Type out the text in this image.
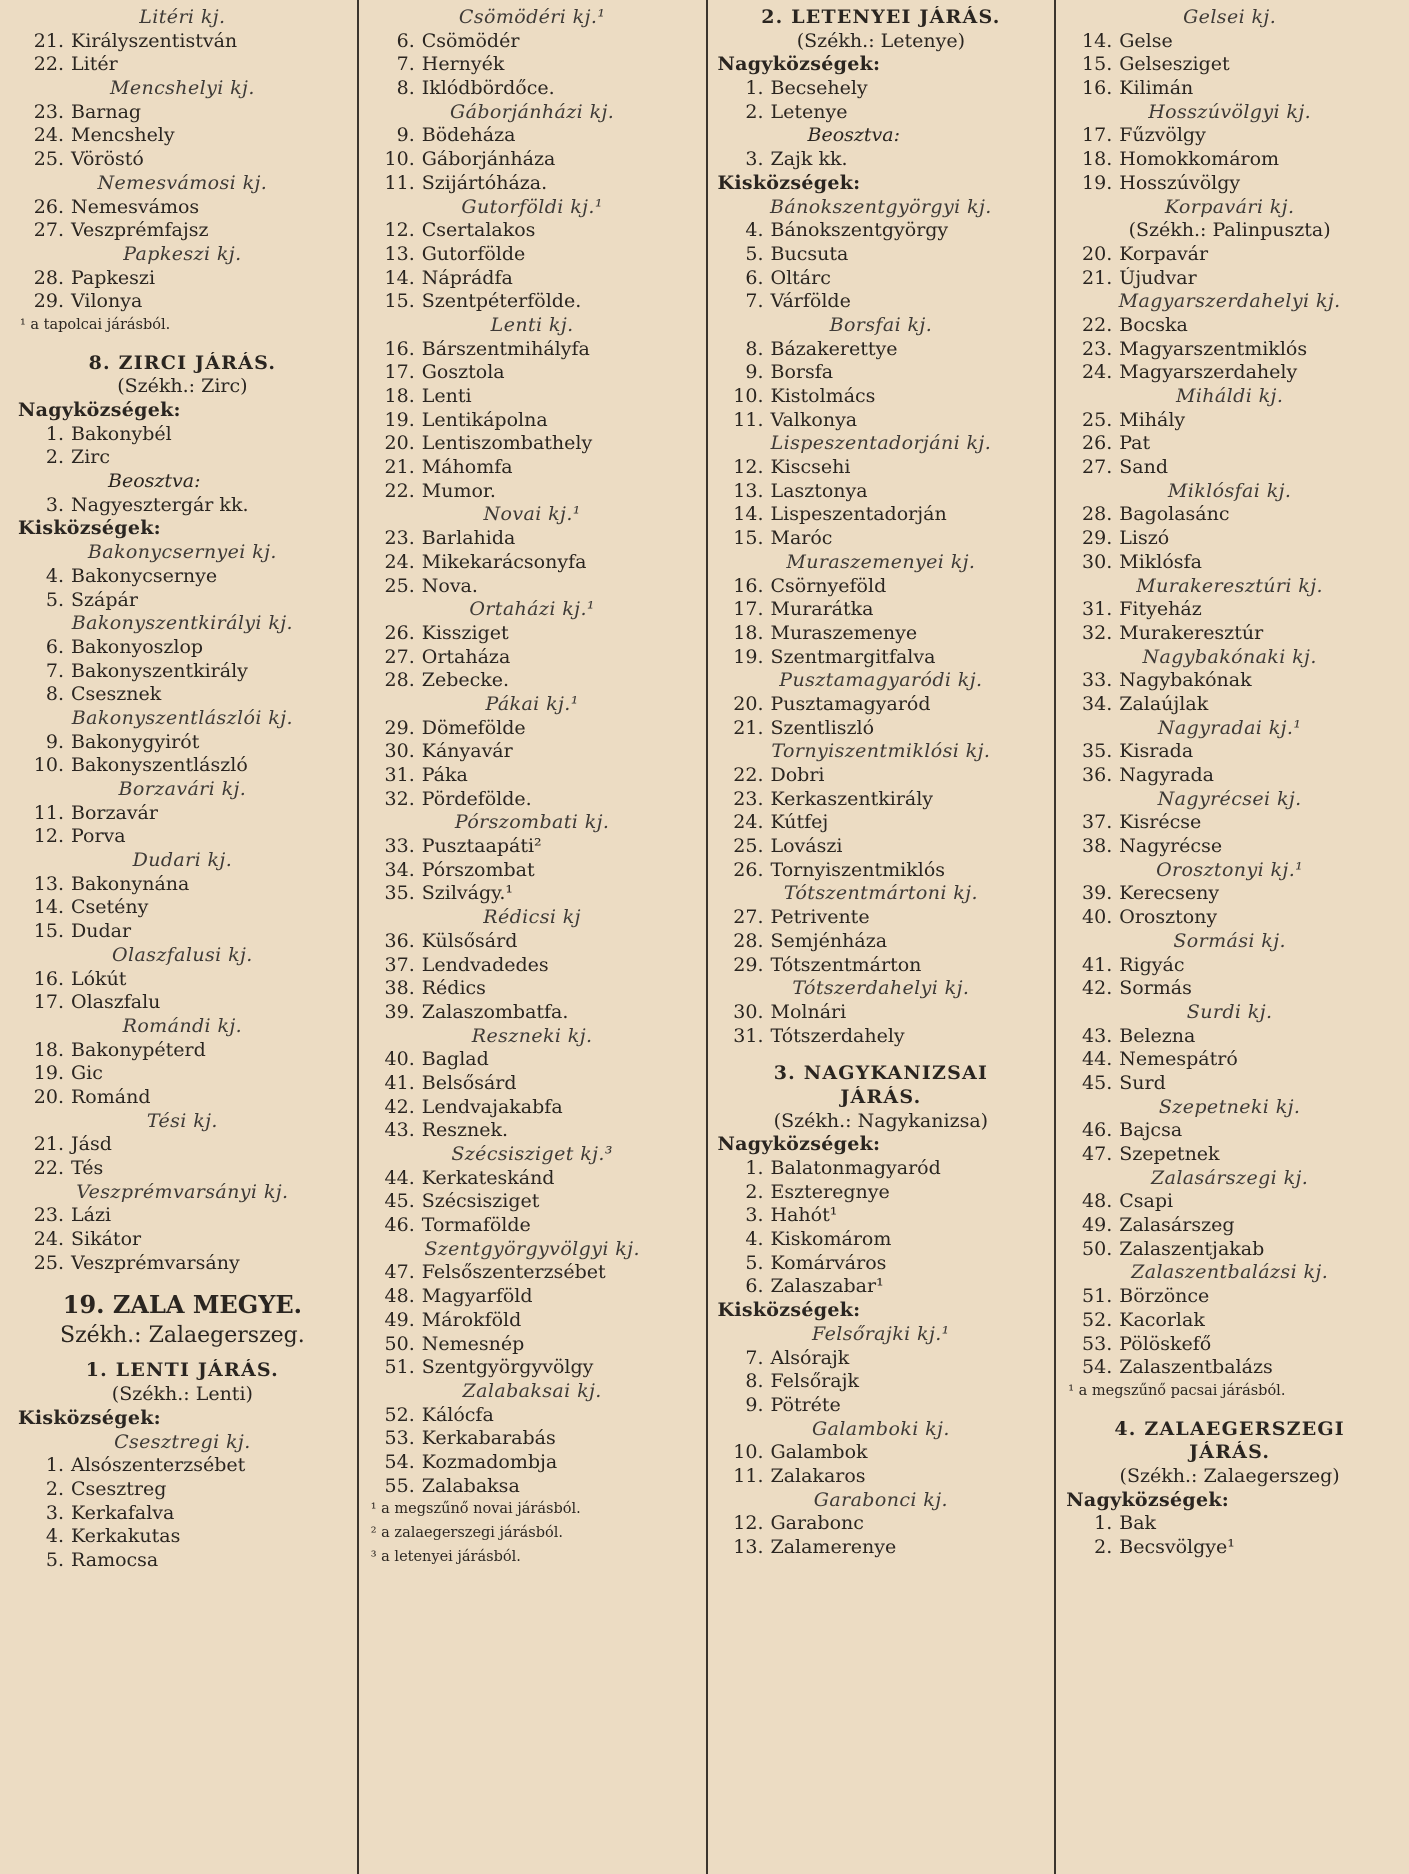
Litéri kj.
21. Királyszentistván
22. Litér
Mencshelyi kj.
23. Barnag
24. Mencshely
25. Vöröstó
Nemesvámosi kj.
26. Nemesvámos
27. Veszprémfajsz
Papkeszi kj.
28. Papkeszi
29. Vilonya
¹ a tapolcai járásból.
8. ZIRCI JÁRÁS.
(Székh.: Zirc)
Nagyközségek:
1. Bakonybél
2. Zirc
Beosztva:
3. Nagyesztergár kk.
Kisközségek:
Bakonycsernyei kj.
4. Bakonycsernye
5. Szápár
Bakonyszentkirályi kj.
6. Bakonyoszlop
7. Bakonyszentkirály
8. Csesznek
Bakonyszentlászlói kj.
9. Bakonygyirót
10. Bakonyszentlászló
Borzavári kj.
11. Borzavár
12. Porva
Dudari kj.
13. Bakonynána
14. Csetény
15. Dudar
Olaszfalusi kj.
16. Lókút
17. Olaszfalu
Romándi kj.
18. Bakonypéterd
19. Gic
20. Románd
Tési kj.
21. Jásd
22. Tés
Veszprémvarsányi kj.
23. Lázi
24. Sikátor
25. Veszprémvarsány
19. ZALA MEGYE.
Székh.: Zalaegerszeg.
1. LENTI JÁRÁS.
(Székh.: Lenti)
Kisközségek:
Csesztregi kj.
1. Alsószenterzsébet
2. Csesztreg
3. Kerkafalva
4. Kerkakutas
5. Ramocsa
Csömödéri kj.¹
6. Csömödér
7. Hernyék
8. Iklódbördőce.
Gáborjánházi kj.
9. Bödeháza
10. Gáborjánháza
11. Szijártóháza.
Gutorföldi kj.¹
12. Csertalakos
13. Gutorfölde
14. Náprádfa
15. Szentpéterfölde.
Lenti kj.
16. Bárszentmihályfa
17. Gosztola
18. Lenti
19. Lentikápolna
20. Lentiszombathely
21. Máhomfa
22. Mumor.
Novai kj.¹
23. Barlahida
24. Mikekarácsonyfa
25. Nova.
Ortaházi kj.¹
26. Kissziget
27. Ortaháza
28. Zebecke.
Pákai kj.¹
29. Dömefölde
30. Kányavár
31. Páka
32. Pördefölde.
Pórszombati kj.
33. Pusztaapáti²
34. Pórszombat
35. Szilvágy.¹
Rédicsi kj
36. Külsősárd
37. Lendvadedes
38. Rédics
39. Zalaszombatfa.
Reszneki kj.
40. Baglad
41. Belsősárd
42. Lendvajakabfa
43. Resznek.
Szécsisziget kj.³
44. Kerkateskánd
45. Szécsisziget
46. Tormafölde
Szentgyörgyvölgyi kj.
47. Felsőszenterzsébet
48. Magyarföld
49. Márokföld
50. Nemesnép
51. Szentgyörgyvölgy
Zalabaksai kj.
52. Kálócfa
53. Kerkabarabás
54. Kozmadombja
55. Zalabaksa
¹ a megszűnő novai járásból.
² a zalaegerszegi járásból.
³ a letenyei járásból.
2. LETENYEI JÁRÁS.
(Székh.: Letenye)
Nagyközségek:
1. Becsehely
2. Letenye
Beosztva:
3. Zajk kk.
Kisközségek:
Bánokszentgyörgyi kj.
4. Bánokszentgyörgy
5. Bucsuta
6. Oltárc
7. Várfölde
Borsfai kj.
8. Bázakerettye
9. Borsfa
10. Kistolmács
11. Valkonya
Lispeszentadorjáni kj.
12. Kiscsehi
13. Lasztonya
14. Lispeszentadorján
15. Maróc
Muraszemenyei kj.
16. Csörnyeföld
17. Murarátka
18. Muraszemenye
19. Szentmargitfalva
Pusztamagyaródi kj.
20. Pusztamagyaród
21. Szentliszló
Tornyiszentmiklósi kj.
22. Dobri
23. Kerkaszentkirály
24. Kútfej
25. Lovászi
26. Tornyiszentmiklós
Tótszentmártoni kj.
27. Petrivente
28. Semjénháza
29. Tótszentmárton
Tótszerdahelyi kj.
30. Molnári
31. Tótszerdahely
3. NAGYKANIZSAI
JÁRÁS.
(Székh.: Nagykanizsa)
Nagyközségek:
1. Balatonmagyaród
2. Eszteregnye
3. Hahót¹
4. Kiskomárom
5. Komárváros
6. Zalaszabar¹
Kisközségek:
Felsőrajki kj.¹
7. Alsórajk
8. Felsőrajk
9. Pötréte
Galamboki kj.
10. Galambok
11. Zalakaros
Garabonci kj.
12. Garabonc
13. Zalamerenye
Gelsei kj.
14. Gelse
15. Gelsesziget
16. Kilimán
Hosszúvölgyi kj.
17. Fűzvölgy
18. Homokkomárom
19. Hosszúvölgy
Korpavári kj.
(Székh.: Palinpuszta)
20. Korpavár
21. Újudvar
Magyarszerdahelyi kj.
22. Bocska
23. Magyarszentmiklós
24. Magyarszerdahely
Miháldi kj.
25. Mihály
26. Pat
27. Sand
Miklósfai kj.
28. Bagolasánc
29. Liszó
30. Miklósfa
Murakeresztúri kj.
31. Fityeház
32. Murakeresztúr
Nagybakónaki kj.
33. Nagybakónak
34. Zalaújlak
Nagyradai kj.¹
35. Kisrada
36. Nagyrada
Nagyrécsei kj.
37. Kisrécse
38. Nagyrécse
Orosztonyi kj.¹
39. Kerecseny
40. Orosztony
Sormási kj.
41. Rigyác
42. Sormás
Surdi kj.
43. Belezna
44. Nemespátró
45. Surd
Szepetneki kj.
46. Bajcsa
47. Szepetnek
Zalasárszegi kj.
48. Csapi
49. Zalasárszeg
50. Zalaszentjakab
Zalaszentbalázsi kj.
51. Börzönce
52. Kacorlak
53. Pölöskefő
54. Zalaszentbalázs
¹ a megszűnő pacsai járásból.
4. ZALAEGERSZEGI
JÁRÁS.
(Székh.: Zalaegerszeg)
Nagyközségek:
1. Bak
2. Becsvölgye¹
